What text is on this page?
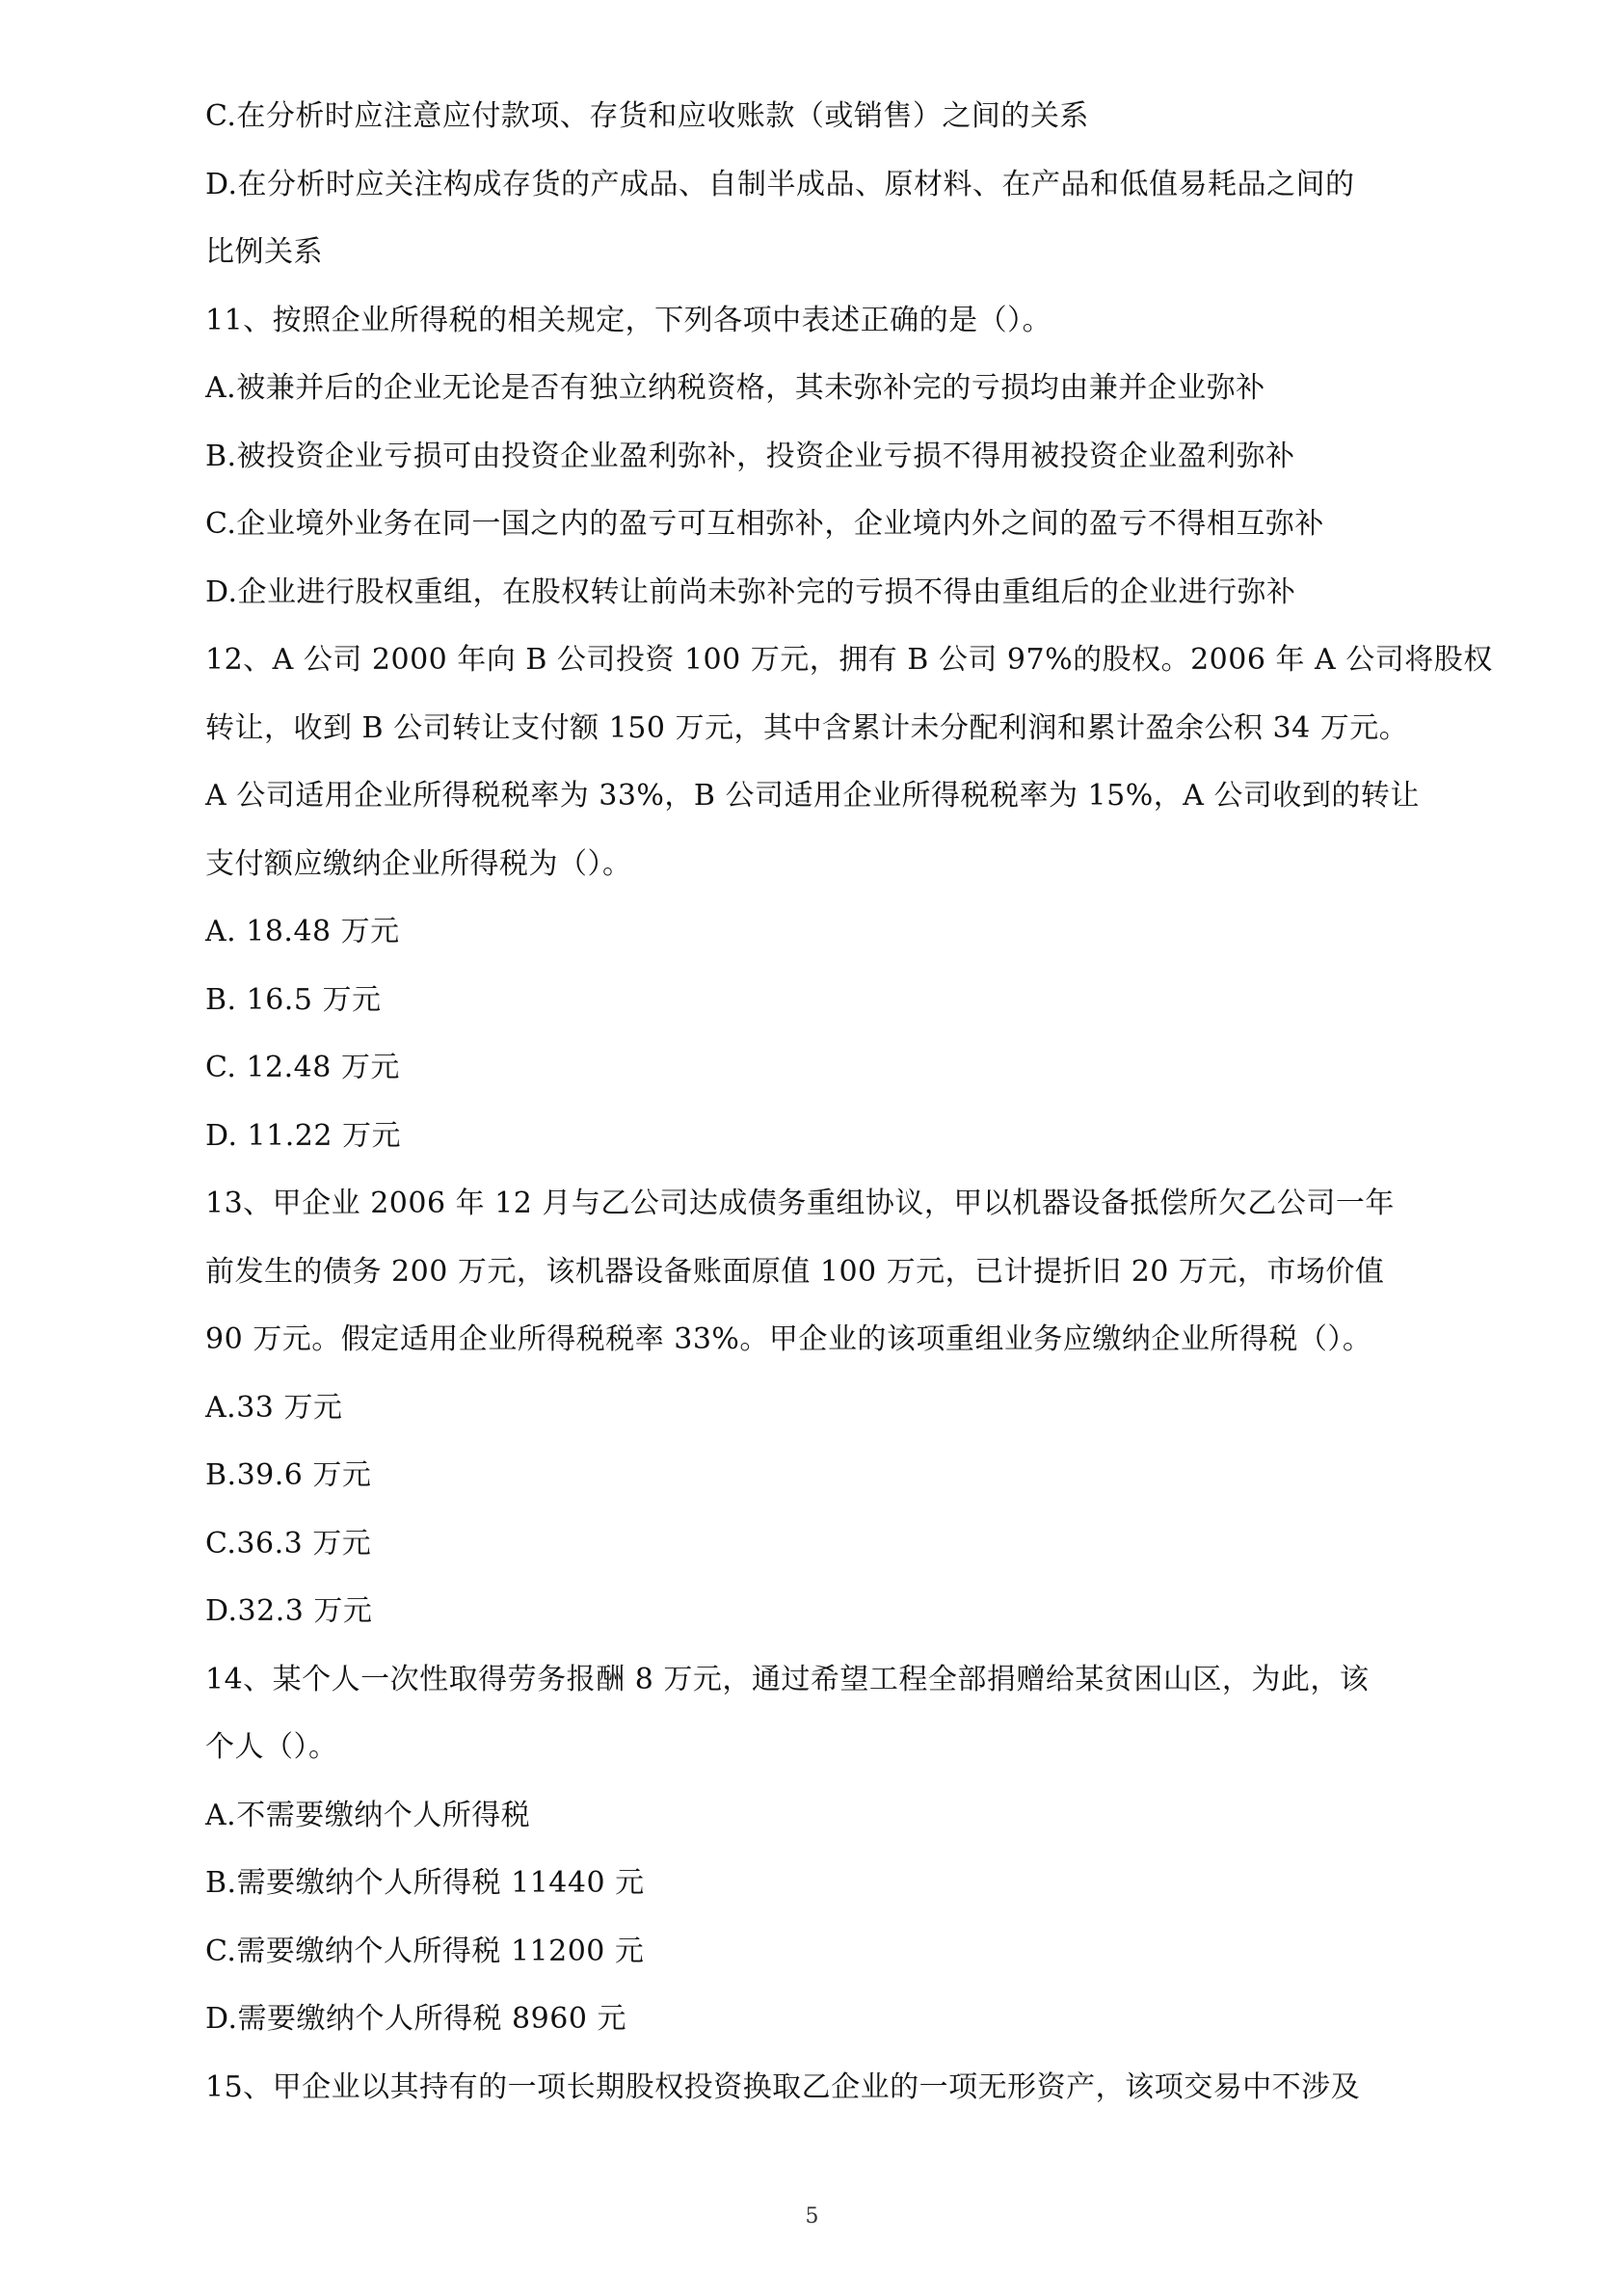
C.在分析时应注意应付款项、存货和应收账款（或销售）之间的关系
D.在分析时应关注构成存货的产成品、自制半成品、原材料、在产品和低值易耗品之间的
比例关系
11、按照企业所得税的相关规定，下列各项中表述正确的是（）。
A.被兼并后的企业无论是否有独立纳税资格，其未弥补完的亏损均由兼并企业弥补
B.被投资企业亏损可由投资企业盈利弥补，投资企业亏损不得用被投资企业盈利弥补
C.企业境外业务在同一国之内的盈亏可互相弥补，企业境内外之间的盈亏不得相互弥补
D.企业进行股权重组，在股权转让前尚未弥补完的亏损不得由重组后的企业进行弥补
12、A 公司 2000 年向 B 公司投资 100 万元，拥有 B 公司 97%的股权。2006 年 A 公司将股权
转让，收到 B 公司转让支付额 150 万元，其中含累计未分配利润和累计盈余公积 34 万元。
A 公司适用企业所得税税率为 33%，B 公司适用企业所得税税率为 15%，A 公司收到的转让
支付额应缴纳企业所得税为（）。
A. 18.48 万元
B. 16.5 万元
C. 12.48 万元
D. 11.22 万元
13、甲企业 2006 年 12 月与乙公司达成债务重组协议，甲以机器设备抵偿所欠乙公司一年
前发生的债务 200 万元，该机器设备账面原值 100 万元，已计提折旧 20 万元，市场价值
90 万元。假定适用企业所得税税率 33%。甲企业的该项重组业务应缴纳企业所得税（）。
A.33 万元
B.39.6 万元
C.36.3 万元
D.32.3 万元
14、某个人一次性取得劳务报酬 8 万元，通过希望工程全部捐赠给某贫困山区，为此，该
个人（）。
A.不需要缴纳个人所得税
B.需要缴纳个人所得税 11440 元
C.需要缴纳个人所得税 11200 元
D.需要缴纳个人所得税 8960 元
15、甲企业以其持有的一项长期股权投资换取乙企业的一项无形资产，该项交易中不涉及
5
